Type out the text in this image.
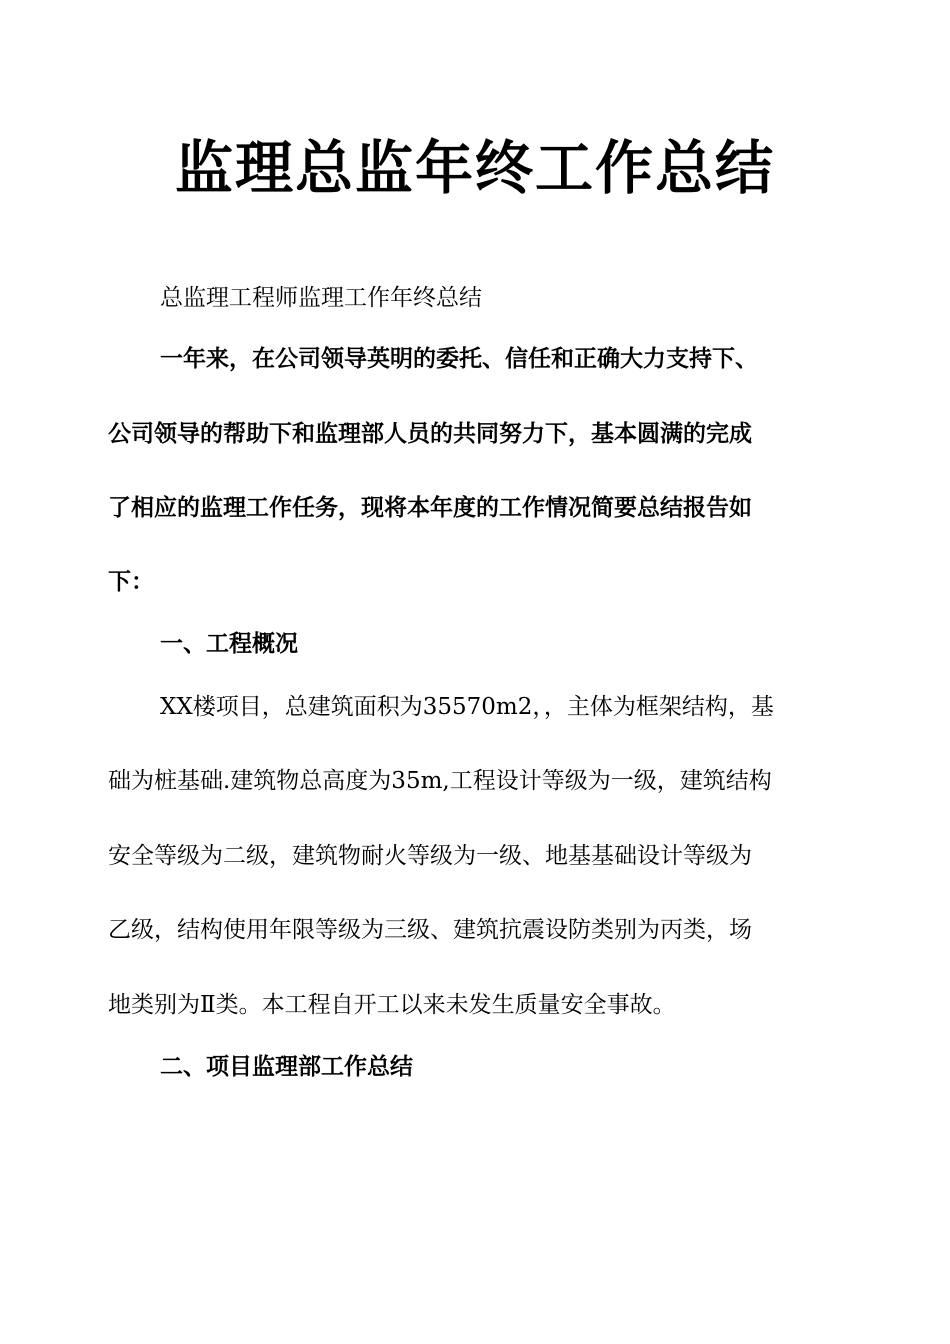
监理总监年终工作总结

总监理工程师监理工作年终总结

一年来，在公司领导英明的委托、信任和正确大力支持下、

公司领导的帮助下和监理部人员的共同努力下，基本圆满的完成

了相应的监理工作任务，现将本年度的工作情况简要总结报告如

下：

一、工程概况

XX楼项目，总建筑面积为35570m2，，主体为框架结构，基

础为桩基础.建筑物总高度为35m,工程设计等级为一级，建筑结构

安全等级为二级，建筑物耐火等级为一级、地基基础设计等级为

乙级，结构使用年限等级为三级、建筑抗震设防类别为丙类，场

地类别为Ⅱ类。本工程自开工以来未发生质量安全事故。

二、项目监理部工作总结
